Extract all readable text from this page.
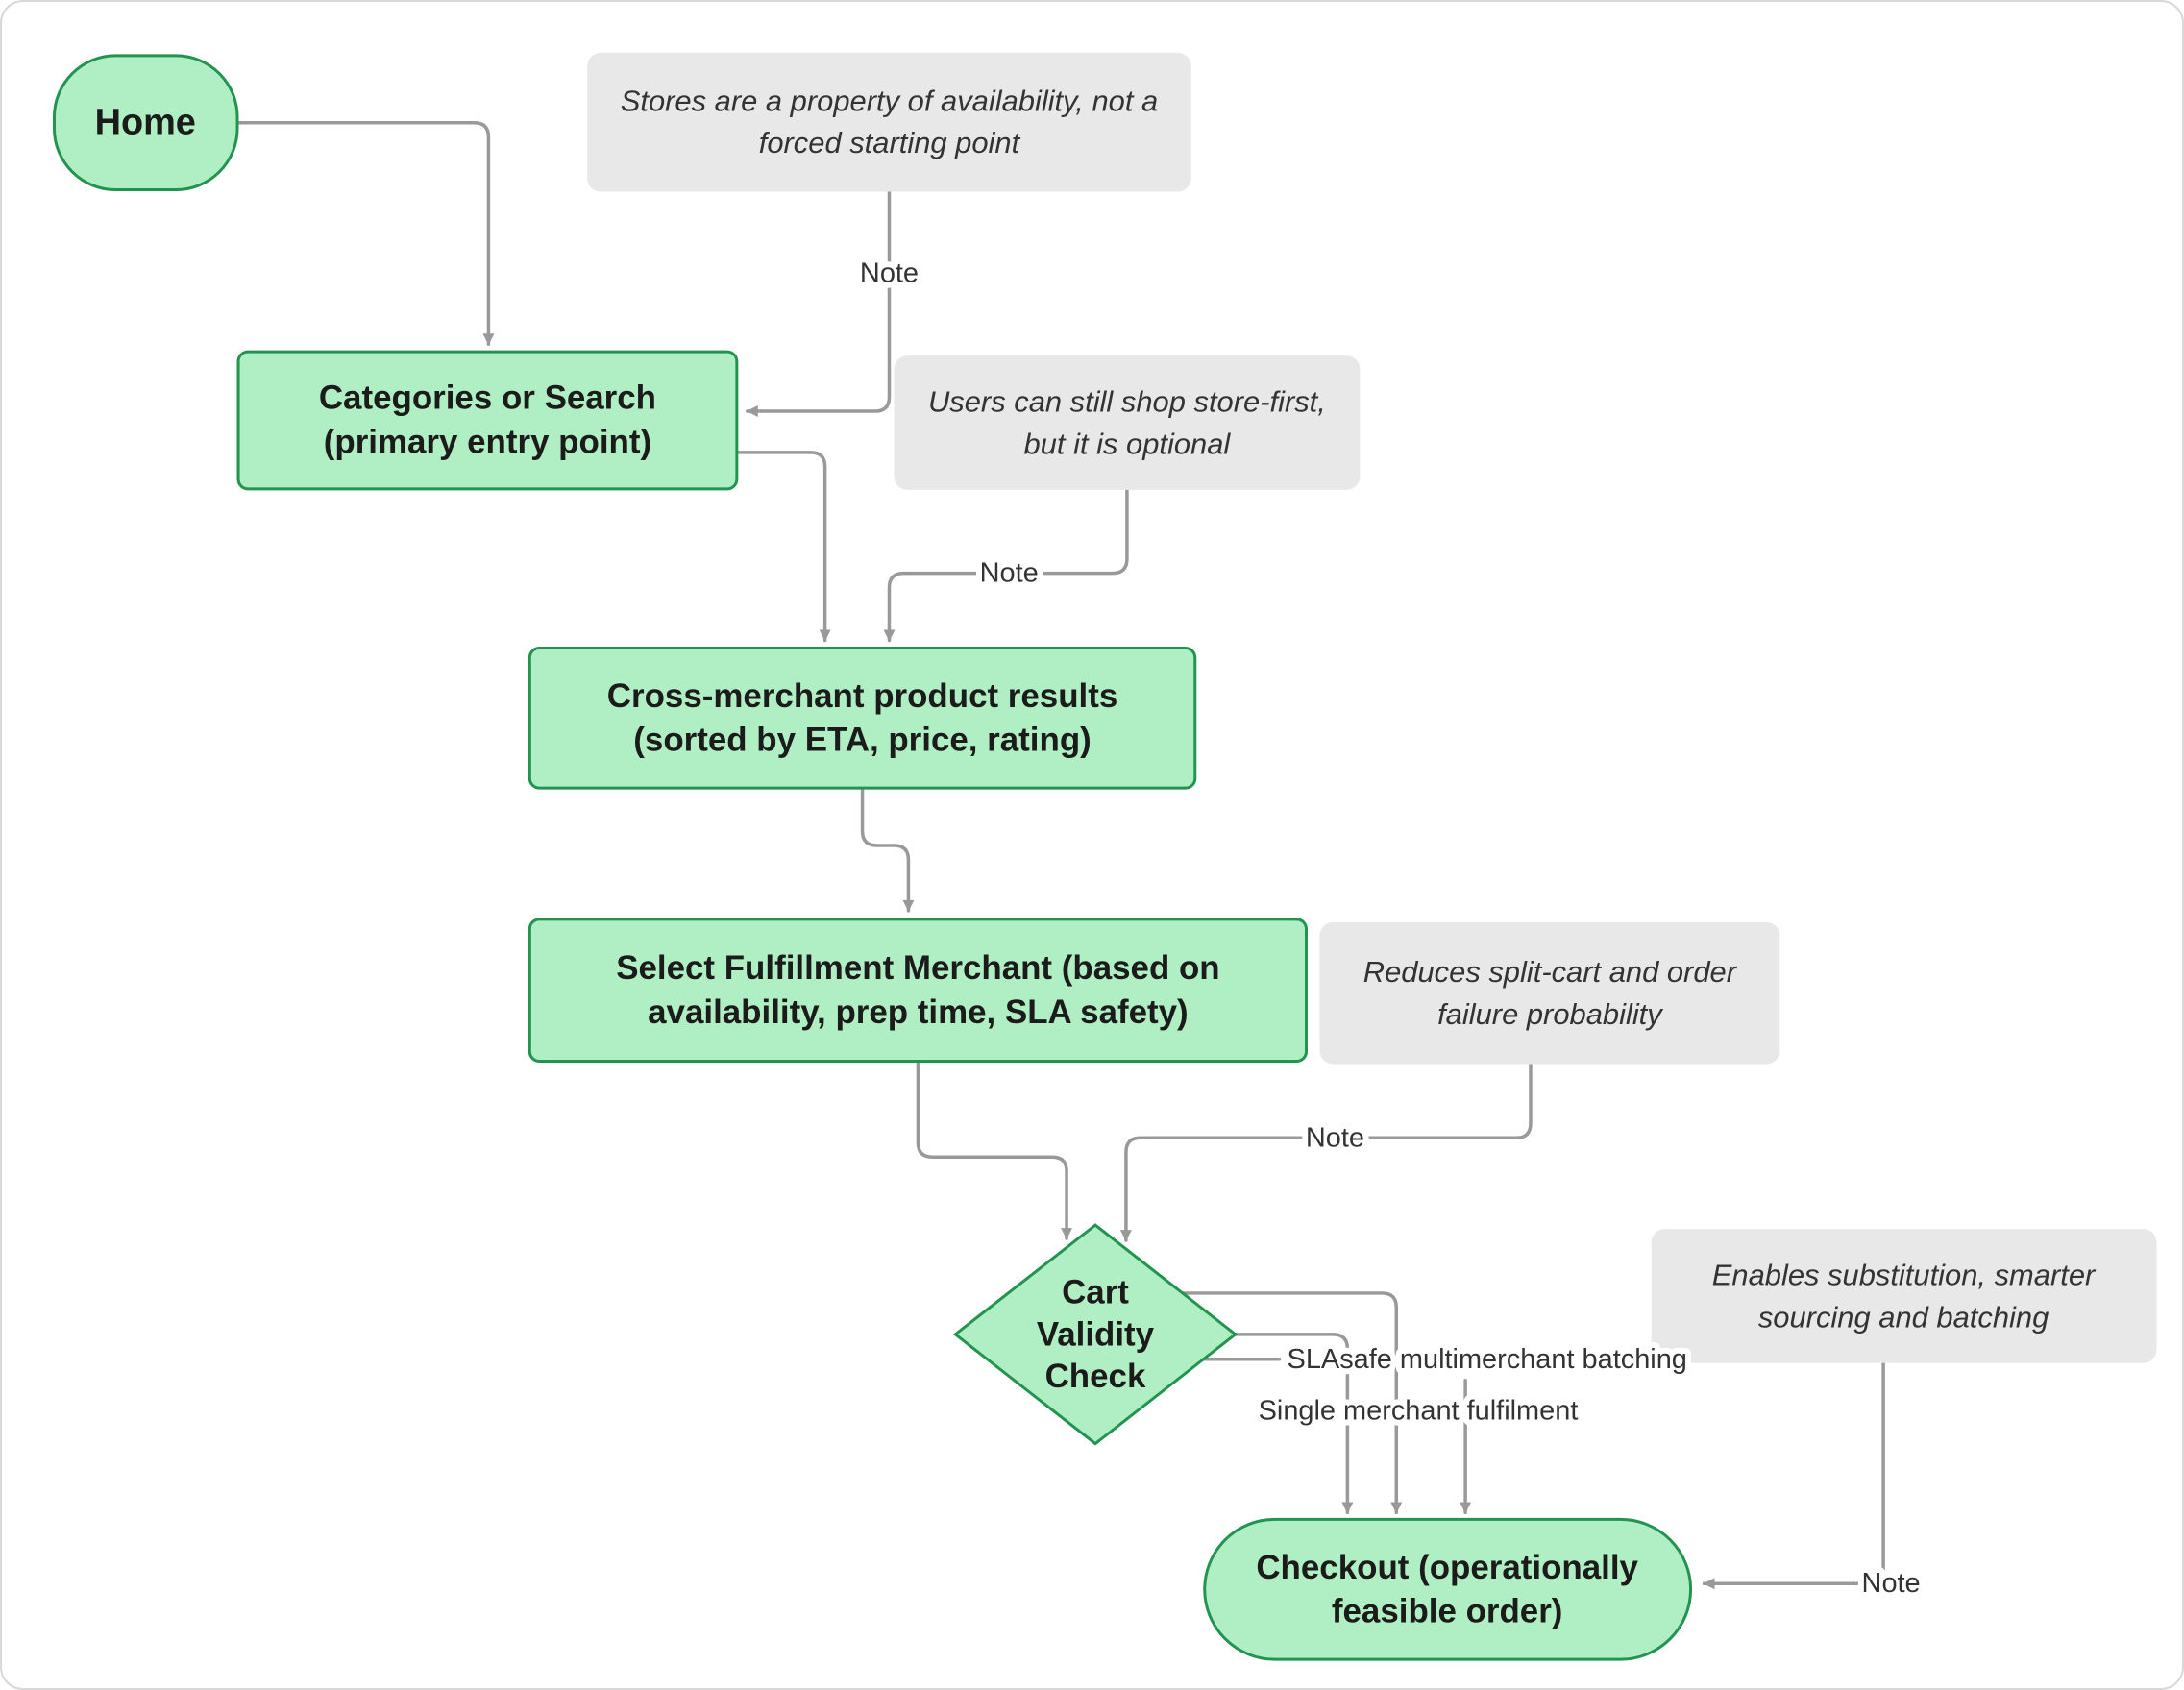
Home
Stores are a property of availability, not a
forced starting point
Categories or Search
(primary entry point)
Users can still shop store-first,
but it is optional
Cross-merchant product results
(sorted by ETA, price, rating)
Select Fulfillment Merchant (based on
availability, prep time, SLA safety)
Reduces split-cart and order
failure probability
Cart
Validity
Check
Enables substitution, smarter
sourcing and batching
Checkout (operationally
feasible order)
Note
Note
Note
Note
SLAsafe multimerchant batching
Single merchant fulfilment
